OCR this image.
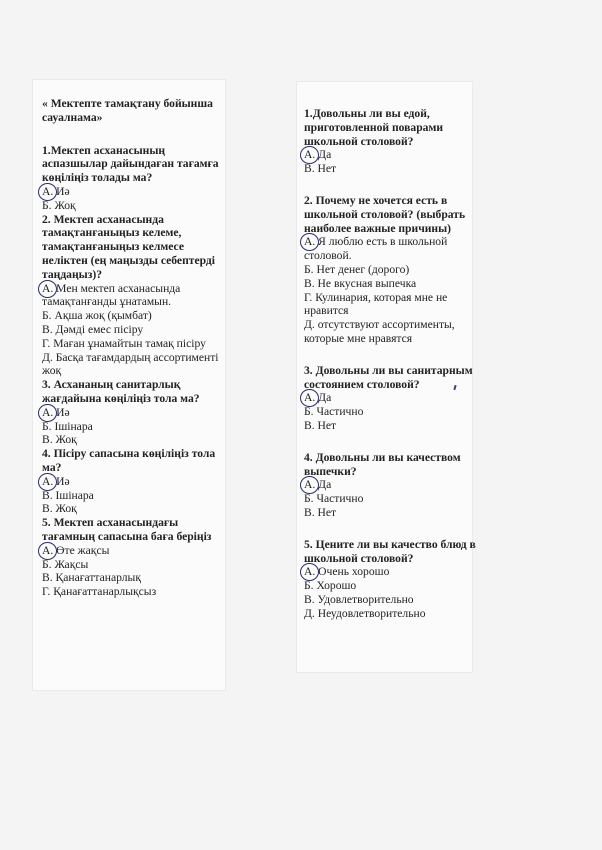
« Мектепте тамақтану бойынша сауалнама»

1.Мектеп асханасының аспазшылар дайындаған тағамға көңіліңіз толады ма?

А. Иә

Б. Жоқ

2. Мектеп асханасында тамақтанғаныңыз келеме, тамақтанғаныңыз келмесе неліктен (ең маңызды себептерді таңдаңыз)?

А. Мен мектеп асханасында тамақтанғанды ұнатамын.

Б. Ақша жоқ (қымбат)

В. Дәмді емес пісіру

Г. Маған ұнамайтын тамақ пісіру

Д. Басқа тағамдардың ассортименті жоқ

3. Асхананың санитарлық жағдайына көңіліңіз тола ма?

А. Иә

Б. Ішінара

В. Жоқ

4. Пісіру сапасына көңіліңіз тола ма?

А. Иә

В. Ішінара

В. Жоқ

5. Мектеп асханасындағы тағамның сапасына баға беріңіз

А. Өте жақсы

Б. Жақсы

В. Қанағаттанарлық

Г. Қанағаттанарлықсыз

1.Довольны ли вы едой, приготовленной поварами школьной столовой?

А. Да

В. Нет

2. Почему не хочется есть в школьной столовой? (выбрать наиболее важные причины)

А. Я люблю есть в школьной столовой.

Б. Нет денег (дорого)

В. Не вкусная выпечка

Г. Кулинария, которая мне не нравится

Д. отсутствуют ассортименты, которые мне нравятся

3. Довольны ли вы санитарным состоянием столовой?

А. Да

Б. Частично

В. Нет

4. Довольны ли вы качеством выпечки?

А. Да

Б. Частично

В. Нет

5. Цените ли вы качество блюд в школьной столовой?

А. Очень хорошо

Б. Хорошо

В. Удовлетворительно

Д. Неудовлетворительно
